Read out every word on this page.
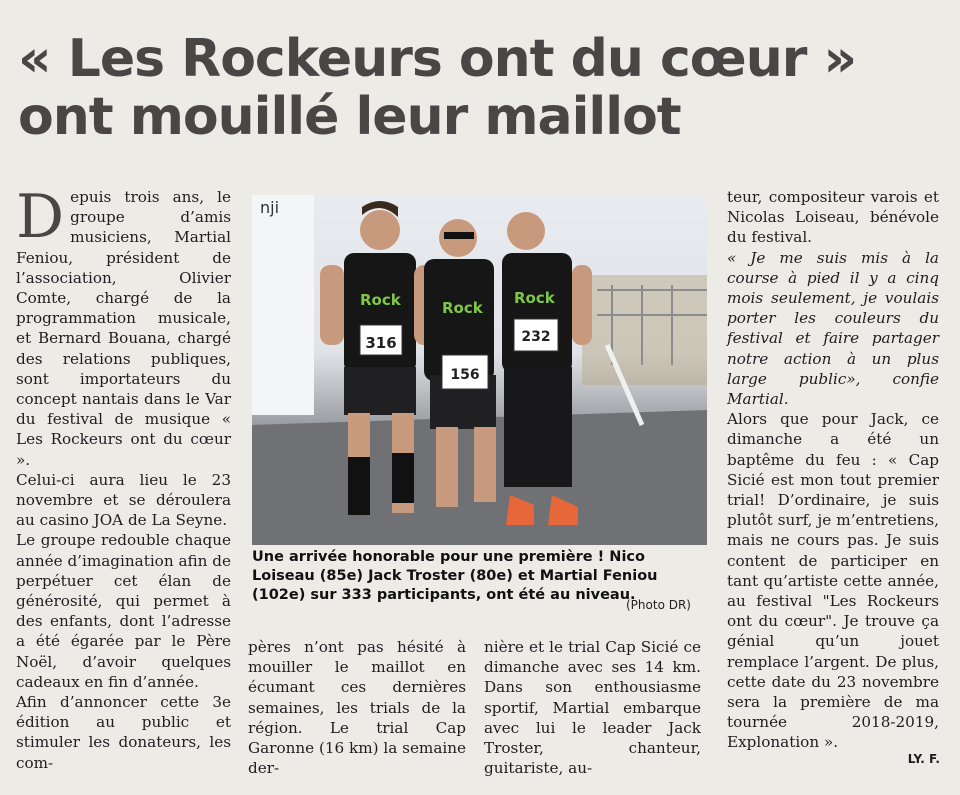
« Les Rockeurs ont du cœur »
ont mouillé leur maillot

Depuis trois ans, le groupe d’amis musiciens, Martial Feniou, président de l’association, Olivier Comte, chargé de la programmation musicale, et Bernard Bouana, chargé des relations publiques, sont importateurs du concept nantais dans le Var du festival de musique « Les Rockeurs ont du cœur ».

Celui-ci aura lieu le 23 novembre et se déroulera au casino JOA de La Seyne.

Le groupe redouble chaque année d’imagination afin de perpétuer cet élan de générosité, qui permet à des enfants, dont l’adresse a été égarée par le Père Noël, d’avoir quelques cadeaux en fin d’année.

Afin d’annoncer cette 3e édition au public et stimuler les donateurs, les com-

nji
316
Rock
156
Rock
232
Rock
Une arrivée honorable pour une première ! Nico Loiseau (85e) Jack Troster (80e) et Martial Feniou (102e) sur 333 participants, ont été au niveau.
(Photo DR)

pères n’ont pas hésité à mouiller le maillot en écumant ces dernières semaines, les trials de la région. Le trial Cap Garonne (16 km) la semaine der-

nière et le trial Cap Sicié ce dimanche avec ses 14 km. Dans son enthousiasme sportif, Martial embarque avec lui le leader Jack Troster, chanteur, guitariste, au-

teur, compositeur varois et Nicolas Loiseau, bénévole du festival.

« Je me suis mis à la course à pied il y a cinq mois seulement, je voulais porter les couleurs du festival et faire partager notre action à un plus large public», confie Martial.

Alors que pour Jack, ce dimanche a été un baptême du feu : « Cap Sicié est mon tout premier trial! D’ordinaire, je suis plutôt surf, je m’entretiens, mais ne cours pas. Je suis content de participer en tant qu’artiste cette année, au festival "Les Rockeurs ont du cœur". Je trouve ça génial qu’un jouet remplace l’argent. De plus, cette date du 23 novembre sera la première de ma tournée 2018-2019, Explonation ».

LY. F.
